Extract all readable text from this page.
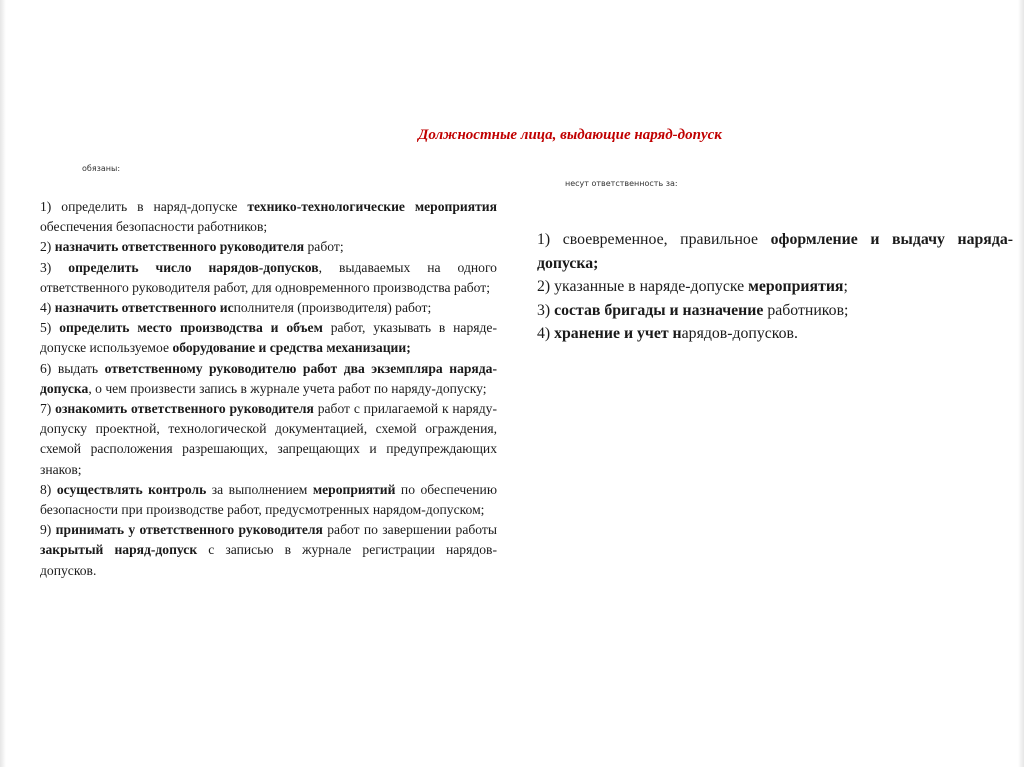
Должностные лица, выдающие наряд-допуск
обязаны:
несут ответственность за:

1) определить в наряд-допуске технико-технологические мероприятия обеспечения безопасности работников;

2) назначить ответственного руководителя работ;

3) определить число нарядов-допусков, выдаваемых на одного ответственного руководителя работ, для одновременного производства работ;

4) назначить ответственного исполнителя (производителя) работ;

5) определить место производства и объем работ, указывать в наряде-допуске используемое оборудование и средства механизации;

6) выдать ответственному руководителю работ два экземпляра наряда-допуска, о чем произвести запись в журнале учета работ по наряду-допуску;

7) ознакомить ответственного руководителя работ с прилагаемой к наряду-допуску проектной, технологической документацией, схемой ограждения, схемой расположения разрешающих, запрещающих и предупреждающих знаков;

8) осуществлять контроль за выполнением мероприятий по обеспечению безопасности при производстве работ, предусмотренных нарядом-допуском;

9) принимать у ответственного руководителя работ по завершении работы закрытый наряд-допуск с записью в журнале регистрации нарядов-допусков.

1) своевременное, правильное оформление и выдачу наряда-допуска;

2) указанные в наряде-допуске мероприятия;

3) состав бригады и назначение работников;

4) хранение и учет нарядов-допусков.
